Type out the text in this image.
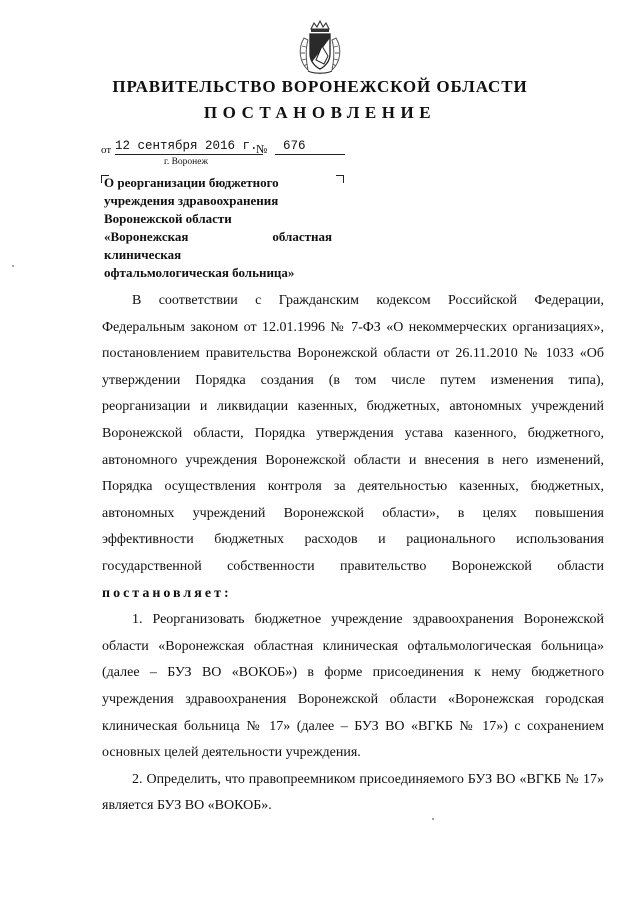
ПРАВИТЕЛЬСТВО ВОРОНЕЖСКОЙ ОБЛАСТИ
ПОСТАНОВЛЕНИЕ
от 12 сентября 2016 г.
№	676
г. Воронеж
О реорганизации бюджетного
учреждения здравоохранения
Воронежской области
«Воронежская	областная
клиническая
офтальмологическая больница»

В соответствии с Гражданским кодексом Российской Федерации, Федеральным законом от 12.01.1996 № 7-ФЗ «О некоммерческих организациях», постановлением правительства Воронежской области от 26.11.2010 № 1033 «Об утверждении Порядка создания (в том числе путем изменения типа), реорганизации и ликвидации казенных, бюджетных, автономных учреждений Воронежской области, Порядка утверждения устава казенного, бюджетного, автономного учреждения Воронежской области и внесения в него изменений, Порядка осуществления контроля за деятельностью казенных, бюджетных, автономных учреждений Воронежской области», в целях повышения эффективности бюджетных расходов и рационального использования государственной собственности правительство Воронежской области постановляет:

1. Реорганизовать бюджетное учреждение здравоохранения Воронежской области «Воронежская областная клиническая офтальмологическая больница» (далее – БУЗ ВО «ВОКОБ») в форме присоединения к нему бюджетного учреждения здравоохранения Воронежской области «Воронежская городская клиническая больница № 17» (далее – БУЗ ВО «ВГКБ № 17») с сохранением основных целей деятельности учреждения.

2. Определить, что правопреемником присоединяемого БУЗ ВО «ВГКБ № 17» является БУЗ ВО «ВОКОБ».
